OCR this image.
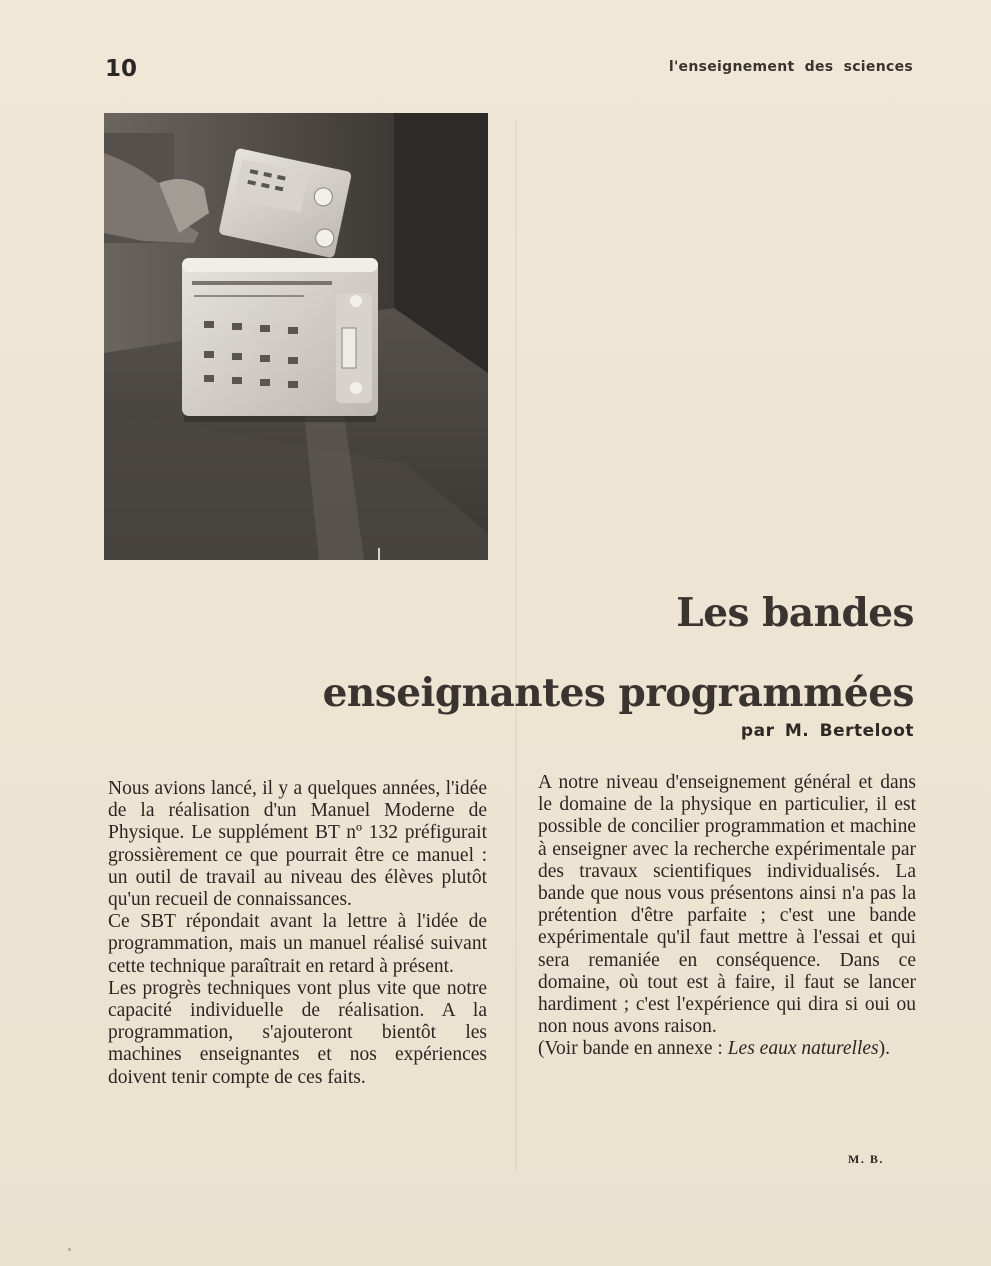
10	l'enseignement des sciences
Les bandes
enseignantes programmées
par M. Berteloot

Nous avions lancé, il y a quelques années, l'idée de la réalisation d'un Manuel Moderne de Physique. Le supplément BT nº 132 préfigurait grossièrement ce que pourrait être ce manuel : un outil de travail au niveau des élèves plutôt qu'un recueil de connaissances.

Ce SBT répondait avant la lettre à l'idée de programmation, mais un manuel réalisé suivant cette technique paraîtrait en retard à présent.

Les progrès techniques vont plus vite que notre capacité individuelle de réalisation. A la programmation, s'ajouteront bientôt les machines enseignantes et nos expériences doivent tenir compte de ces faits.

A notre niveau d'enseignement général et dans le domaine de la physique en particulier, il est possible de concilier programmation et machine à enseigner avec la recherche expérimentale par des travaux scientifiques individualisés. La bande que nous vous présentons ainsi n'a pas la prétention d'être parfaite ; c'est une bande expérimentale qu'il faut mettre à l'essai et qui sera remaniée en conséquence. Dans ce domaine, où tout est à faire, il faut se lancer hardiment ; c'est l'expérience qui dira si oui ou non nous avons raison.

(Voir bande en annexe : Les eaux naturelles).

M. B.
